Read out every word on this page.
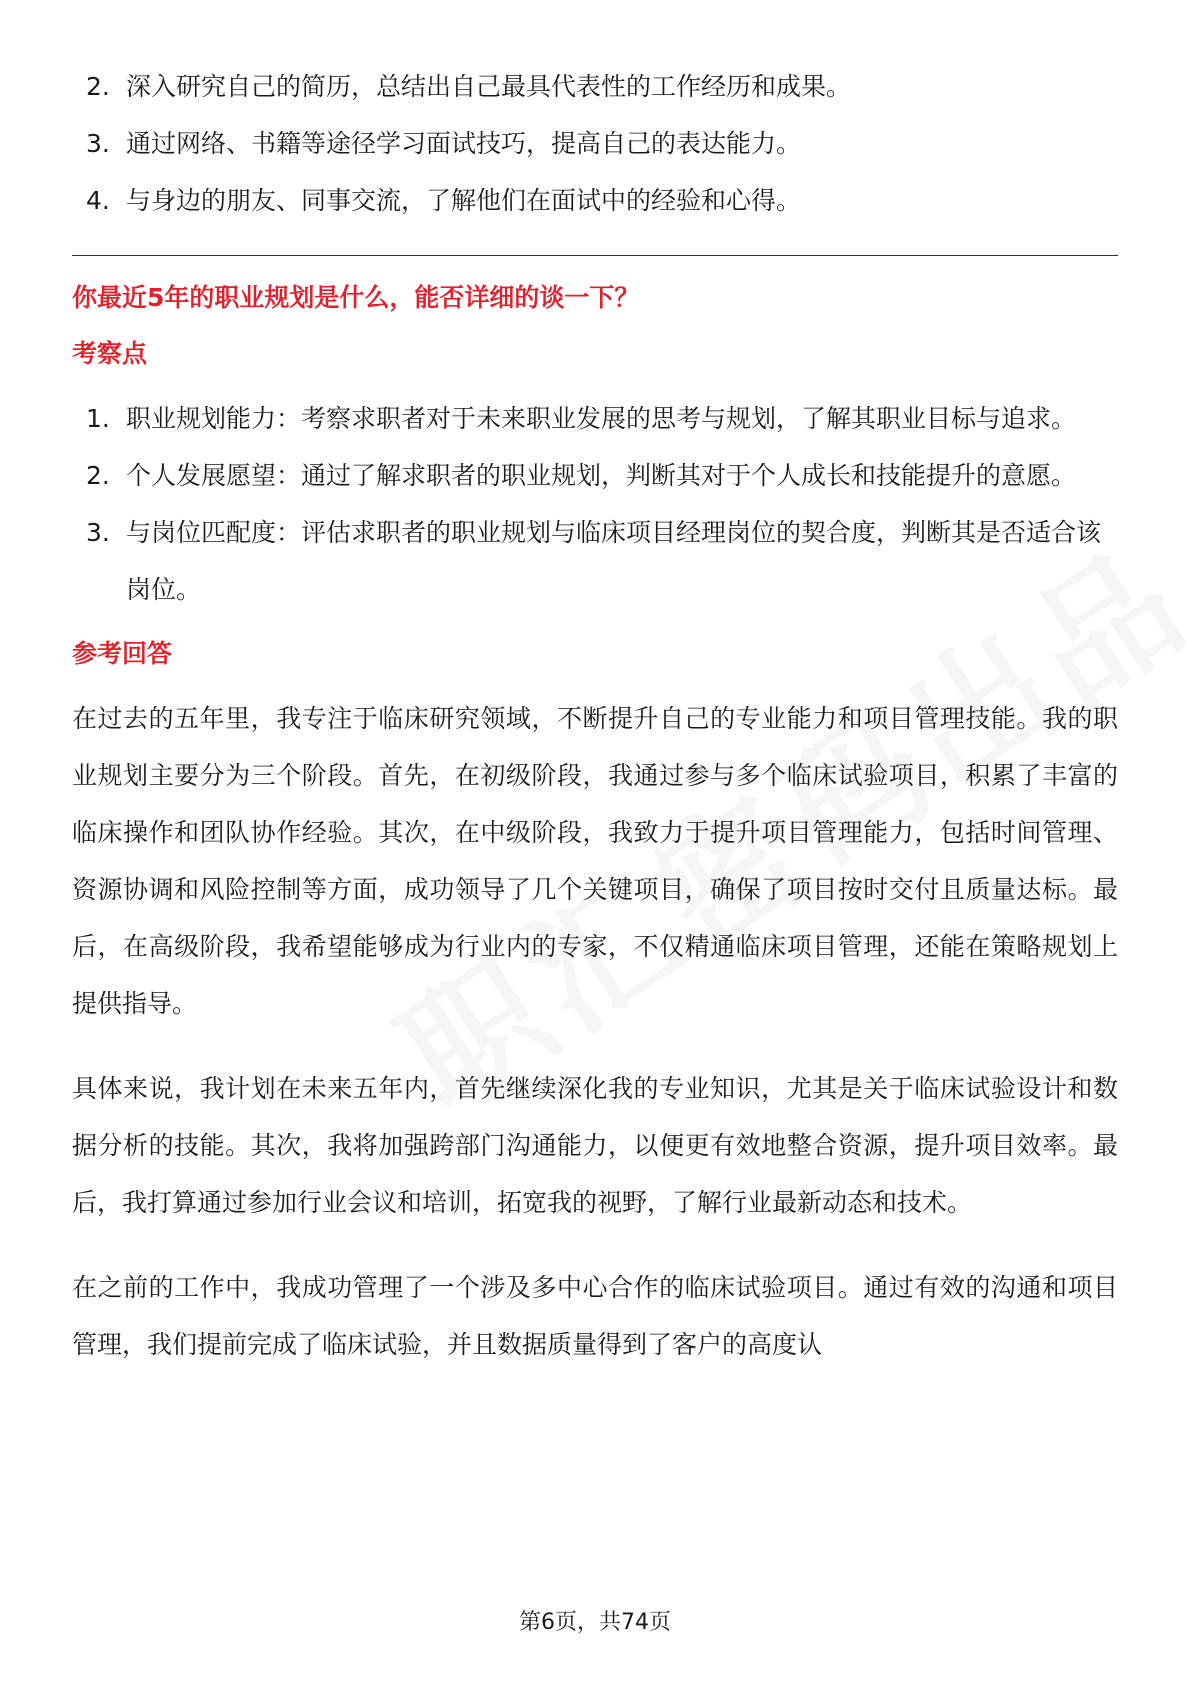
2. 深入研究自己的简历，总结出自己最具代表性的工作经历和成果。
3. 通过网络、书籍等途径学习面试技巧，提高自己的表达能力。
4. 与身边的朋友、同事交流，了解他们在面试中的经验和心得。
你最近5年的职业规划是什么，能否详细的谈一下？
考察点
1. 职业规划能力：考察求职者对于未来职业发展的思考与规划，了解其职业目标与追求。
2. 个人发展愿望：通过了解求职者的职业规划，判断其对于个人成长和技能提升的意愿。
3. 与岗位匹配度：评估求职者的职业规划与临床项目经理岗位的契合度，判断其是否适合该岗位。
参考回答

在过去的五年里，我专注于临床研究领域，不断提升自己的专业能力和项目管理技能。我的职业规划主要分为三个阶段。首先，在初级阶段，我通过参与多个临床试验项目，积累了丰富的临床操作和团队协作经验。其次，在中级阶段，我致力于提升项目管理能力，包括时间管理、资源协调和风险控制等方面，成功领导了几个关键项目，确保了项目按时交付且质量达标。最后，在高级阶段，我希望能够成为行业内的专家，不仅精通临床项目管理，还能在策略规划上提供指导。

具体来说，我计划在未来五年内，首先继续深化我的专业知识，尤其是关于临床试验设计和数据分析的技能。其次，我将加强跨部门沟通能力，以便更有效地整合资源，提升项目效率。最后，我打算通过参加行业会议和培训，拓宽我的视野，了解行业最新动态和技术。

在之前的工作中，我成功管理了一个涉及多中心合作的临床试验项目。通过有效的沟通和项目管理，我们提前完成了临床试验，并且数据质量得到了客户的高度认

第6页，共74页
